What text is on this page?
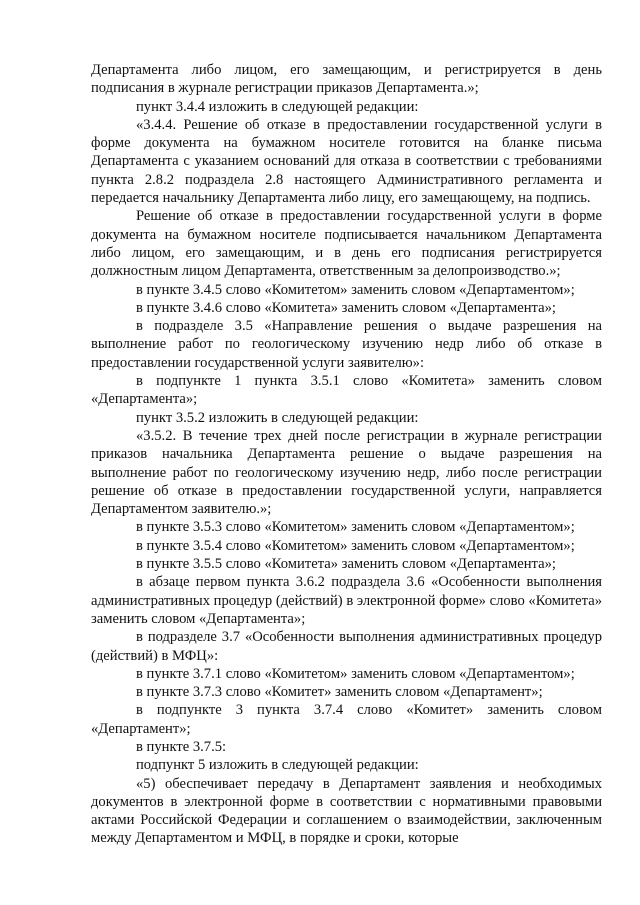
Департамента либо лицом, его замещающим, и регистрируется в день подписания в журнале регистрации приказов Департамента.»;

пункт 3.4.4 изложить в следующей редакции:

«3.4.4. Решение об отказе в предоставлении государственной услуги в форме документа на бумажном носителе готовится на бланке письма Департамента с указанием оснований для отказа в соответствии с требованиями пункта 2.8.2 подраздела 2.8 настоящего Административного регламента и передается начальнику Департамента либо лицу, его замещающему, на подпись.

Решение об отказе в предоставлении государственной услуги в форме документа на бумажном носителе подписывается начальником Департамента либо лицом, его замещающим, и в день его подписания регистрируется должностным лицом Департамента, ответственным за делопроизводство.»;

в пункте 3.4.5 слово «Комитетом» заменить словом «Департаментом»;

в пункте 3.4.6 слово «Комитета» заменить словом «Департамента»;

в подразделе 3.5 «Направление решения о выдаче разрешения на выполнение работ по геологическому изучению недр либо об отказе в предоставлении государственной услуги заявителю»:

в подпункте 1 пункта 3.5.1 слово «Комитета» заменить словом «Департамента»;

пункт 3.5.2 изложить в следующей редакции:

«3.5.2. В течение трех дней после регистрации в журнале регистрации приказов начальника Департамента решение о выдаче разрешения на выполнение работ по геологическому изучению недр, либо после регистрации решение об отказе в предоставлении государственной услуги, направляется Департаментом заявителю.»;

в пункте 3.5.3 слово «Комитетом» заменить словом «Департаментом»;

в пункте 3.5.4 слово «Комитетом» заменить словом «Департаментом»;

в пункте 3.5.5 слово «Комитета» заменить словом «Департамента»;

в абзаце первом пункта 3.6.2 подраздела 3.6 «Особенности выполнения административных процедур (действий) в электронной форме» слово «Комитета» заменить словом «Департамента»;

в подразделе 3.7 «Особенности выполнения административных процедур (действий) в МФЦ»:

в пункте 3.7.1 слово «Комитетом» заменить словом «Департаментом»;

в пункте 3.7.3 слово «Комитет» заменить словом «Департамент»;

в подпункте 3 пункта 3.7.4 слово «Комитет» заменить словом «Департамент»;

в пункте 3.7.5:

подпункт 5 изложить в следующей редакции:

«5) обеспечивает передачу в Департамент заявления и необходимых документов в электронной форме в соответствии с нормативными правовыми актами Российской Федерации и соглашением о взаимодействии, заключенным между Департаментом и МФЦ, в порядке и сроки, которые
